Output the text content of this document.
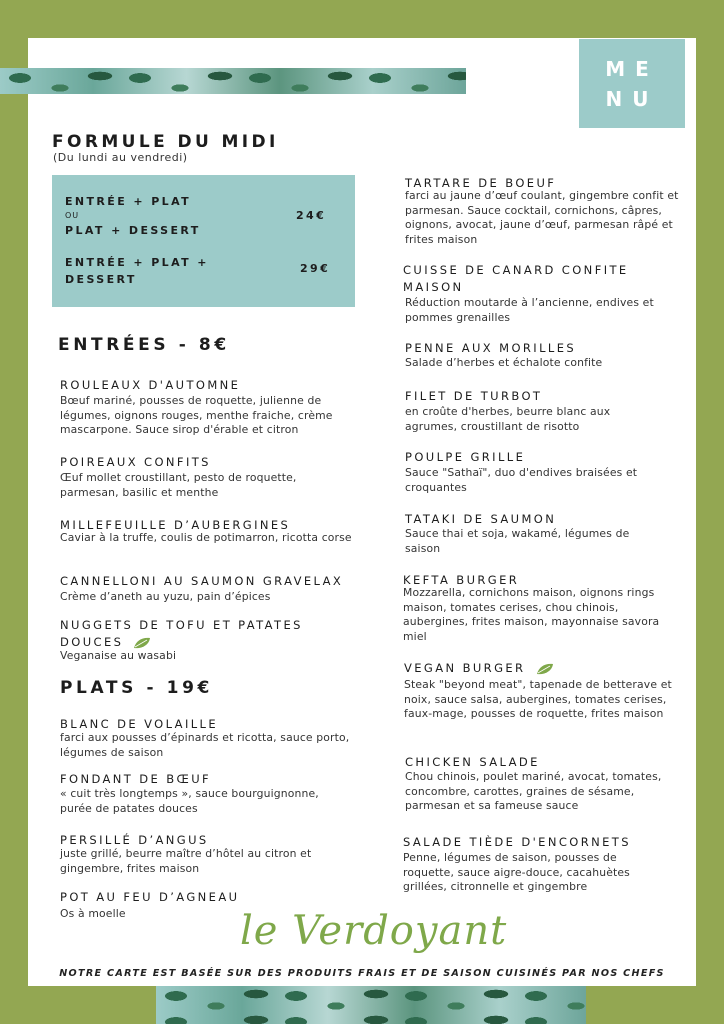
ME
NU
FORMULE DU MIDI
(Du lundi au vendredi)
ENTRÉE + PLAT
OU
PLAT + DESSERT
24€
ENTRÉE + PLAT +
DESSERT
29€
ENTRÉES - 8€
ROULEAUX D'AUTOMNE
Bœuf mariné, pousses de roquette, julienne de légumes, oignons rouges, menthe fraiche, crème mascarpone. Sauce sirop d'érable et citron
POIREAUX CONFITS
Œuf mollet croustillant, pesto de roquette, parmesan, basilic et menthe
MILLEFEUILLE D’AUBERGINES
Caviar à la truffe, coulis de potimarron, ricotta corse
CANNELLONI AU SAUMON GRAVELAX
Crème d’aneth au yuzu, pain d’épices
NUGGETS DE TOFU ET PATATES
DOUCES
Veganaise au wasabi
PLATS - 19€
BLANC DE VOLAILLE
farci aux pousses d’épinards et ricotta, sauce porto, légumes de saison
FONDANT DE BŒUF
« cuit très longtemps », sauce bourguignonne, purée de patates douces
PERSILLÉ D’ANGUS
juste grillé, beurre maître d’hôtel au citron et gingembre, frites maison
POT AU FEU D’AGNEAU
Os à moelle
TARTARE DE BOEUF
farci au jaune d’œuf coulant, gingembre confit et parmesan. Sauce cocktail, cornichons, câpres, oignons, avocat, jaune d’œuf, parmesan râpé et frites maison
CUISSE DE CANARD CONFITE
MAISON
Réduction moutarde à l’ancienne, endives et pommes grenailles
PENNE AUX MORILLES
Salade d’herbes et échalote confite
FILET DE TURBOT
en croûte d'herbes, beurre blanc aux agrumes, croustillant de risotto
POULPE GRILLE
Sauce "Sathaï", duo d'endives braisées et croquantes
TATAKI DE SAUMON
Sauce thai et soja, wakamé, légumes de saison
KEFTA BURGER
Mozzarella, cornichons maison, oignons rings maison, tomates cerises, chou chinois, aubergines, frites maison, mayonnaise savora miel
VEGAN BURGER
Steak "beyond meat", tapenade de betterave et noix, sauce salsa, aubergines, tomates cerises, faux-mage, pousses de roquette, frites maison
CHICKEN SALADE
Chou chinois, poulet mariné, avocat, tomates, concombre, carottes, graines de sésame, parmesan et sa fameuse sauce
SALADE TIÈDE D'ENCORNETS
Penne, légumes de saison, pousses de roquette, sauce aigre-douce, cacahuètes grillées, citronnelle et gingembre
le Verdoyant
NOTRE CARTE EST BASÉE SUR DES PRODUITS FRAIS ET DE SAISON CUISINÉS PAR NOS CHEFS
